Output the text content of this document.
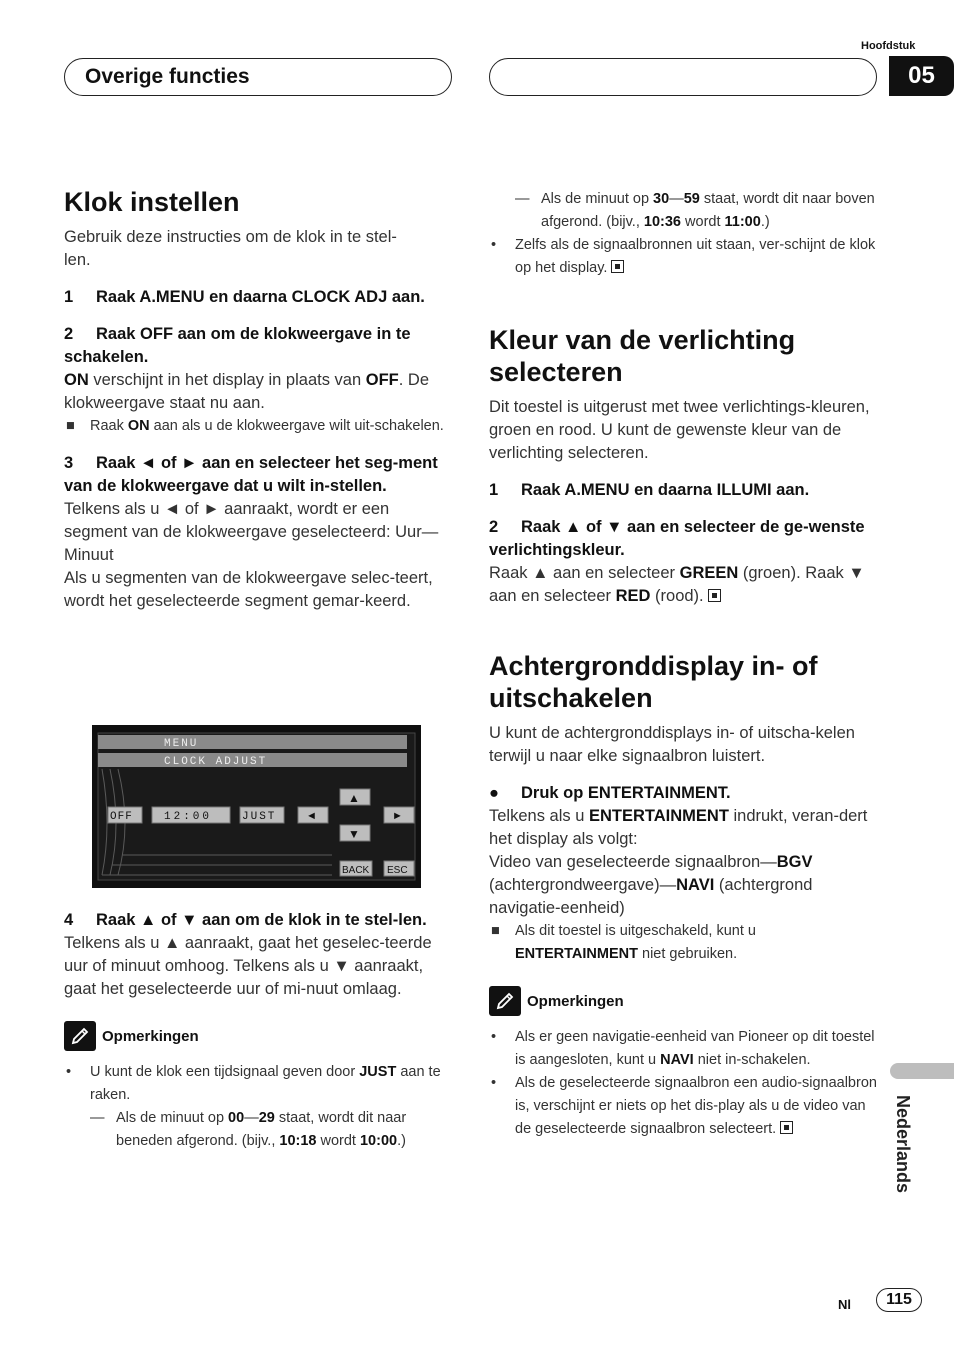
Overige functies
Hoofdstuk
05
Klok instellen

Gebruik deze instructies om de klok in te stel-
len.

1 Raak A.MENU en daarna CLOCK ADJ aan.

2 Raak OFF aan om de klokweergave in te schakelen.

ON verschijnt in het display in plaats van OFF. De klokweergave staat nu aan.

■ Raak ON aan als u de klokweergave wilt uit-schakelen.

3 Raak ◄ of ► aan en selecteer het seg-ment van de klokweergave dat u wilt in-stellen.

Telkens als u ◄ of ► aanraakt, wordt er een segment van de klokweergave geselecteerd: Uur—Minuut

Als u segmenten van de klokweergave selec-teert, wordt het geselecteerde segment gemar-keerd.

MENU
CLOCK ADJUST
▲
OFF	12:00	JUST	◄	►
▼
BACK ESC

4 Raak ▲ of ▼ aan om de klok in te stel-len.

Telkens als u ▲ aanraakt, gaat het geselec-teerde uur of minuut omhoog. Telkens als u ▼ aanraakt, gaat het geselecteerde uur of mi-nuut omlaag.

Opmerkingen

• U kunt de klok een tijdsignaal geven door JUST aan te raken.

— Als de minuut op 00—29 staat, wordt dit naar beneden afgerond. (bijv., 10:18 wordt 10:00.)

— Als de minuut op 30—59 staat, wordt dit naar boven afgerond. (bijv., 10:36 wordt 11:00.)

• Zelfs als de signaalbronnen uit staan, ver-schijnt de klok op het display.

Kleur van de verlichting selecteren

Dit toestel is uitgerust met twee verlichtings-kleuren, groen en rood. U kunt de gewenste kleur van de verlichting selecteren.

1 Raak A.MENU en daarna ILLUMI aan.

2 Raak ▲ of ▼ aan en selecteer de ge-wenste verlichtingskleur.

Raak ▲ aan en selecteer GREEN (groen). Raak ▼ aan en selecteer RED (rood).

Achtergronddisplay in- of uitschakelen

U kunt de achtergronddisplays in- of uitscha-kelen terwijl u naar elke signaalbron luistert.

● Druk op ENTERTAINMENT.

Telkens als u ENTERTAINMENT indrukt, veran-dert het display als volgt:
Video van geselecteerde signaalbron—BGV (achtergrondweergave)—NAVI (achtergrond navigatie-eenheid)

■ Als dit toestel is uitgeschakeld, kunt u ENTERTAINMENT niet gebruiken.

Opmerkingen

• Als er geen navigatie-eenheid van Pioneer op dit toestel is aangesloten, kunt u NAVI niet in-schakelen.

• Als de geselecteerde signaalbron een audio-signaalbron is, verschijnt er niets op het dis-play als u de video van de geselecteerde signaalbron selecteert.	Nederlands
Nl	115
